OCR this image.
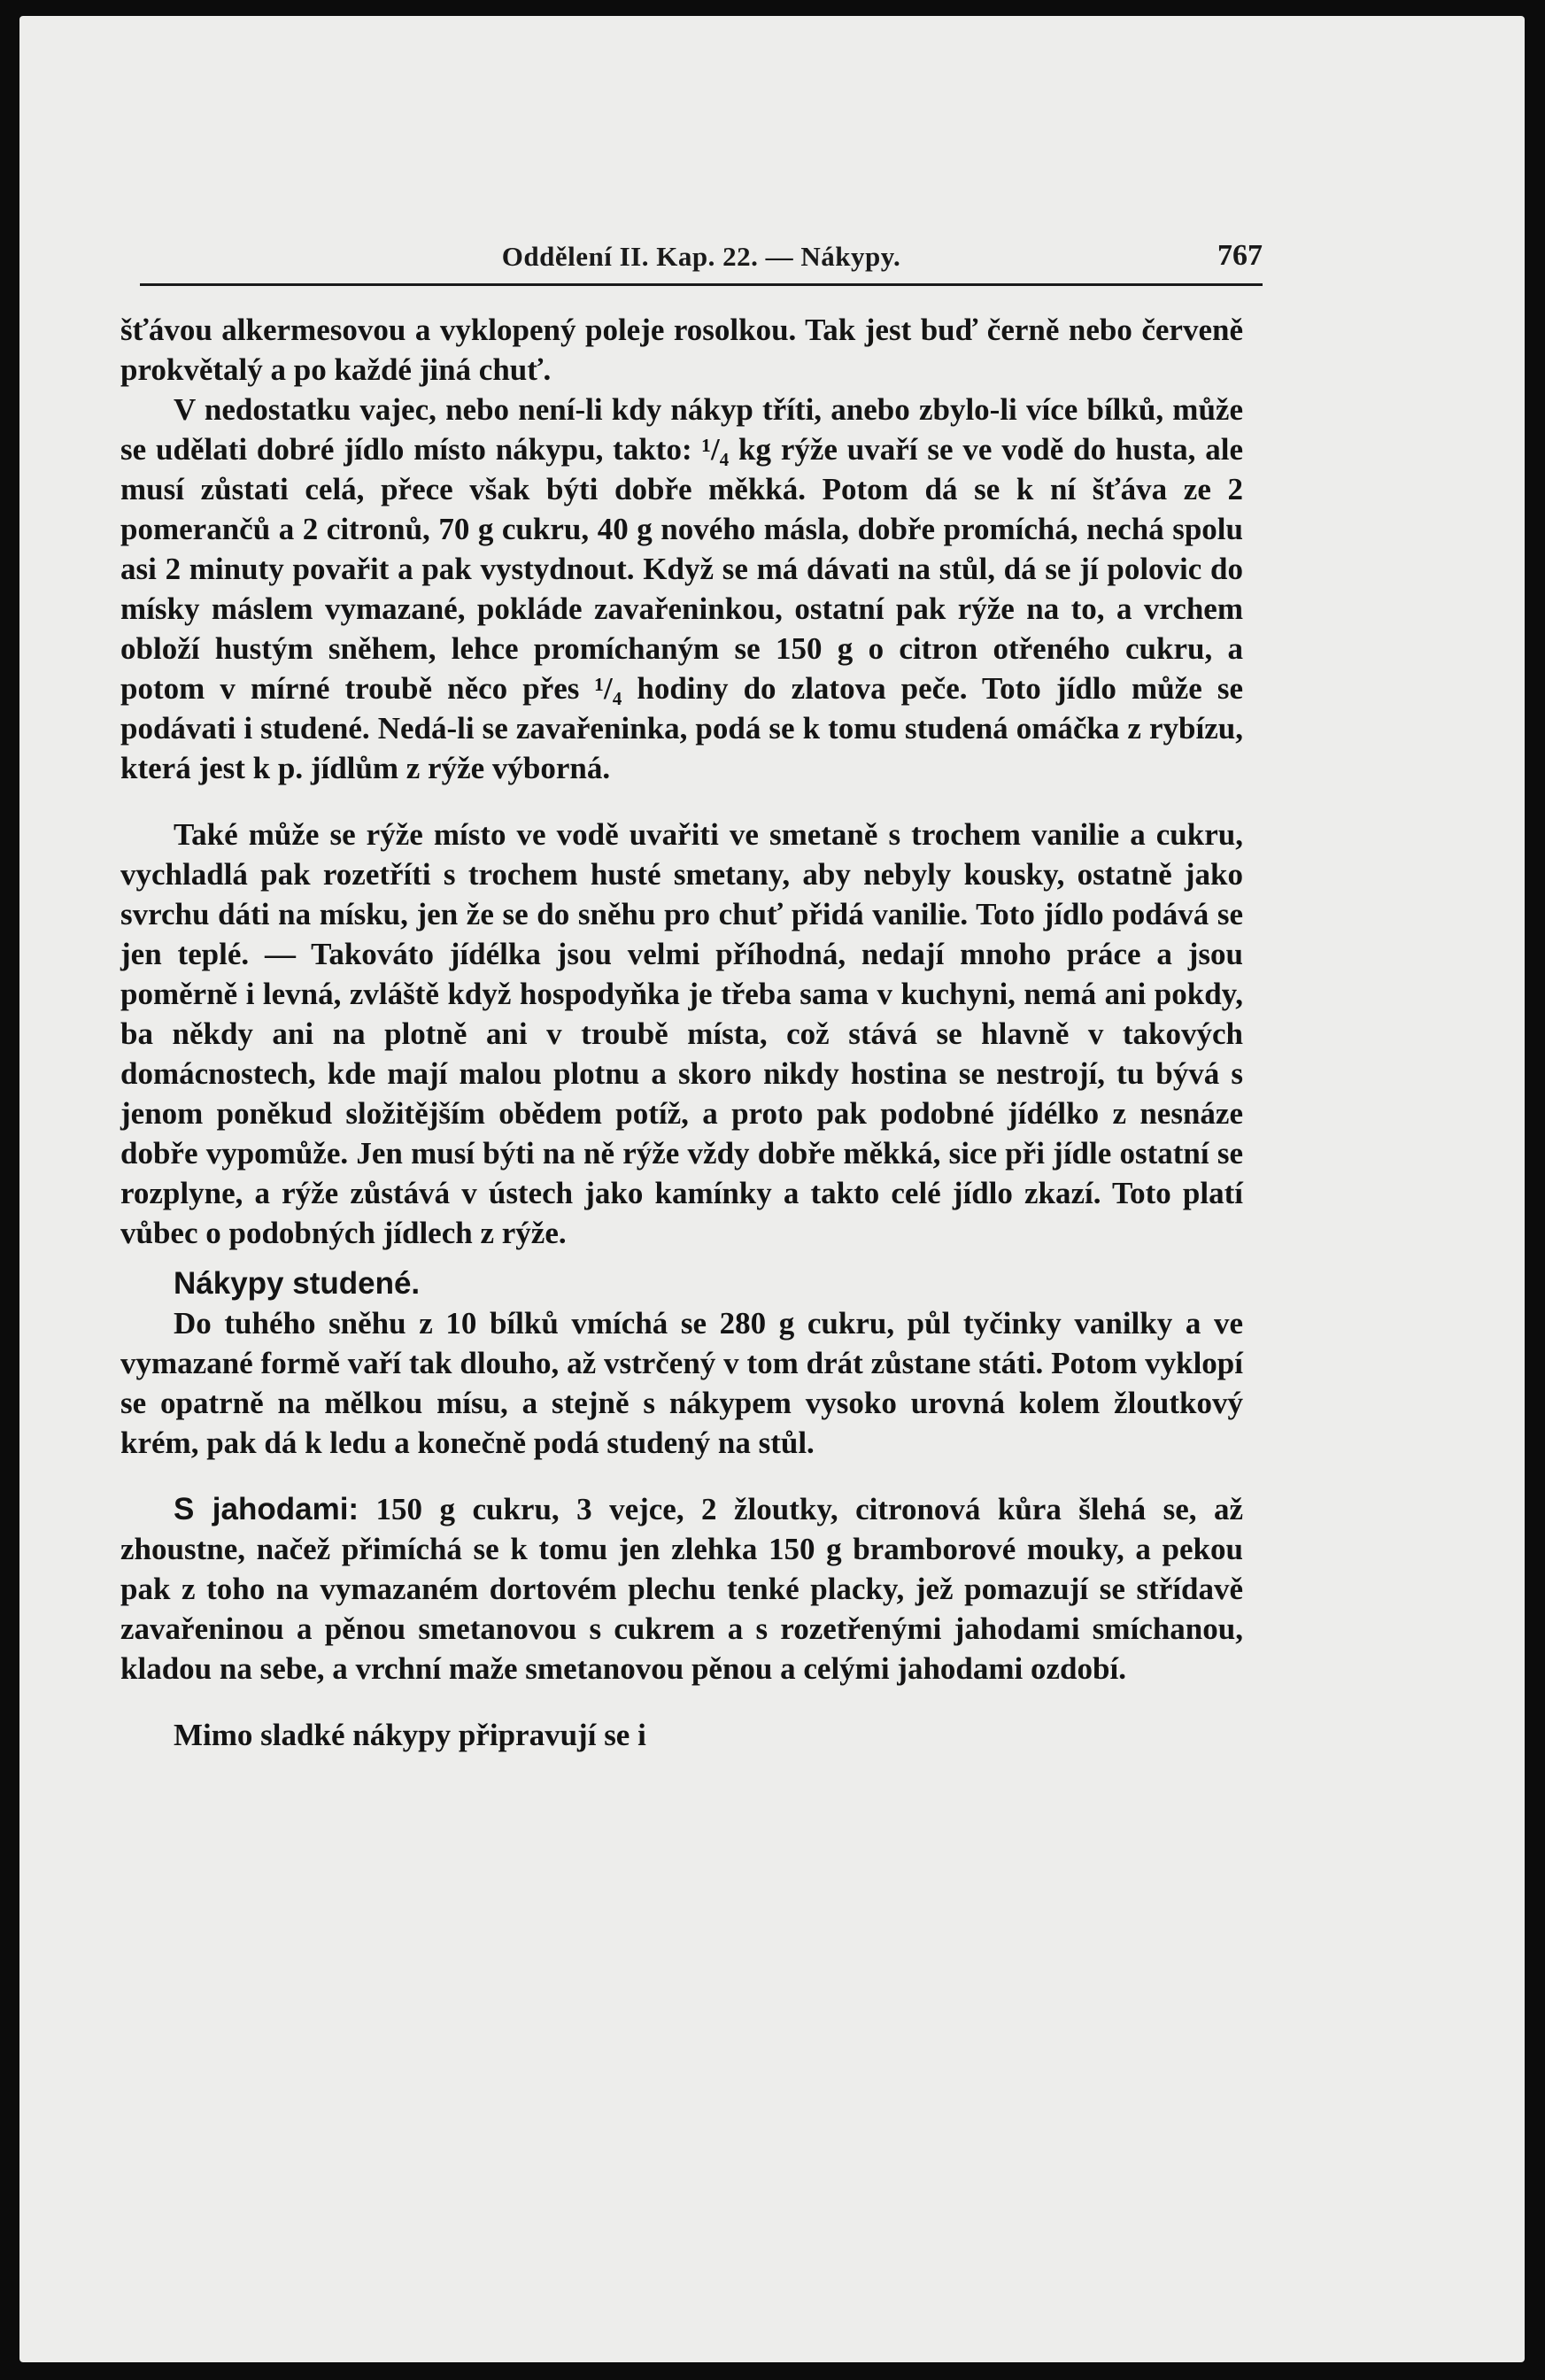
Oddělení II. Kap. 22. — Nákypy.	767

šťávou alkermesovou a vyklopený poleje rosolkou. Tak jest buď černě nebo červeně prokvětalý a po každé jiná chuť.

V nedostatku vajec, nebo není-li kdy nákyp tříti, anebo zbylo-li více bílků, může se udělati dobré jídlo místo nákypu, takto: ¹/₄ kg rýže uvaří se ve vodě do husta, ale musí zůstati celá, přece však býti dobře měkká. Potom dá se k ní šťáva ze 2 pomerančů a 2 citronů, 70 g cukru, 40 g nového másla, dobře promíchá, nechá spolu asi 2 minuty povařit a pak vystydnout. Když se má dávati na stůl, dá se jí polovic do mísky máslem vymazané, pokláde zavařeninkou, ostatní pak rýže na to, a vrchem obloží hustým sněhem, lehce promíchaným se 150 g o citron otřeného cukru, a potom v mírné troubě něco přes ¹/₄ hodiny do zlatova peče. Toto jídlo může se podávati i studené. Nedá-li se zavařeninka, podá se k tomu studená omáčka z rybízu, která jest k p. jídlům z rýže výborná.

Také může se rýže místo ve vodě uvařiti ve smetaně s trochem vanilie a cukru, vychladlá pak rozetříti s trochem husté smetany, aby nebyly kousky, ostatně jako svrchu dáti na mísku, jen že se do sněhu pro chuť přidá vanilie. Toto jídlo podává se jen teplé. — Takováto jídélka jsou velmi příhodná, nedají mnoho práce a jsou poměrně i levná, zvláště když hospodyňka je třeba sama v kuchyni, nemá ani pokdy, ba někdy ani na plotně ani v troubě místa, což stává se hlavně v takových domácnostech, kde mají malou plotnu a skoro nikdy hostina se nestrojí, tu bývá s jenom poněkud složitějším obědem potíž, a proto pak podobné jídélko z nesnáze dobře vypomůže. Jen musí býti na ně rýže vždy dobře měkká, sice při jídle ostatní se rozplyne, a rýže zůstává v ústech jako kamínky a takto celé jídlo zkazí. Toto platí vůbec o podobných jídlech z rýže.

Nákypy studené.

Do tuhého sněhu z 10 bílků vmíchá se 280 g cukru, půl tyčinky vanilky a ve vymazané formě vaří tak dlouho, až vstrčený v tom drát zůstane státi. Potom vyklopí se opatrně na mělkou mísu, a stejně s nákypem vysoko urovná kolem žloutkový krém, pak dá k ledu a konečně podá studený na stůl.

S jahodami: 150 g cukru, 3 vejce, 2 žloutky, citronová kůra šlehá se, až zhoustne, načež přimíchá se k tomu jen zlehka 150 g bramborové mouky, a pekou pak z toho na vymazaném dortovém plechu tenké placky, jež pomazují se střídavě zavařeninou a pěnou smetanovou s cukrem a s rozetřenými jahodami smíchanou, kladou na sebe, a vrchní maže smetanovou pěnou a celými jahodami ozdobí.

Mimo sladké nákypy připravují se i
